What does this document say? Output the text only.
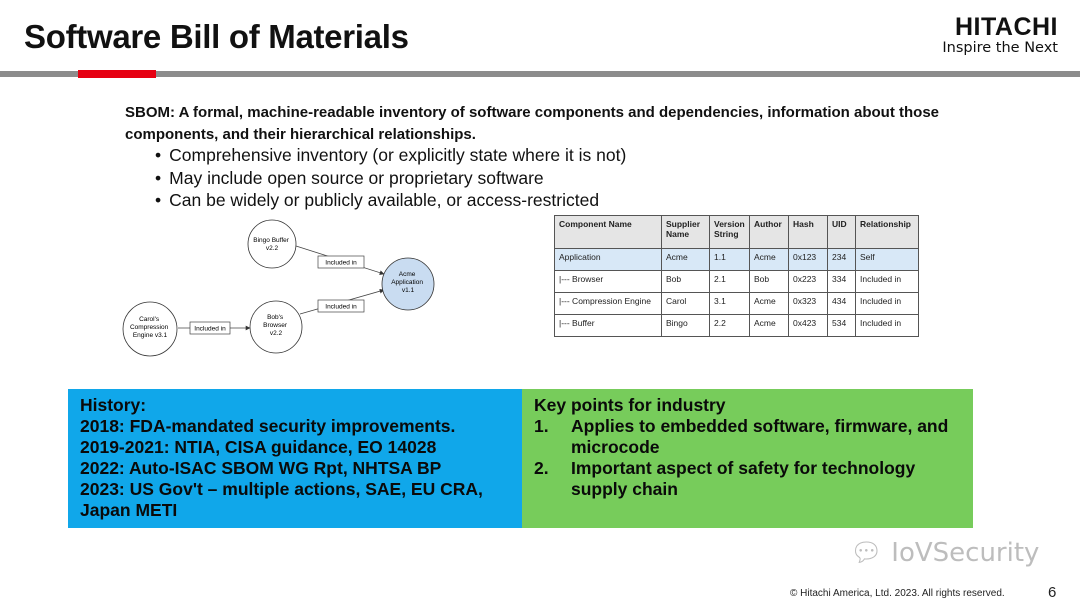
Software Bill of Materials	HITACHI
Inspire the Next
SBOM: A formal, machine-readable inventory of software components and dependencies, information about those components, and their hierarchical relationships.
• Comprehensive inventory (or explicitly state where it is not)
• May include open source or proprietary software
• Can be widely or publicly available, or access-restricted
Included in
Included in
Included in
Bingo Buffer v2.2
Acme Application v1.1
Carol's Compression Engine v3.1
Bob's Browser v2.2
Component Name	Supplier Name	Version String	Author	Hash	UID	Relationship
Application	Acme	1.1	Acme	0x123	234	Self
|--- Browser	Bob	2.1	Bob	0x223	334	Included in
|--- Compression Engine	Carol	3.1	Acme	0x323	434	Included in
|--- Buffer	Bingo	2.2	Acme	0x423	534	Included in
History:
2018: FDA-mandated security improvements.
2019-2021: NTIA, CISA guidance, EO 14028
2022: Auto-ISAC SBOM WG Rpt, NHTSA BP
2023: US Gov't – multiple actions, SAE, EU CRA, Japan METI
Key points for industry
1. Applies to embedded software, firmware, and microcode
2. Important aspect of safety for technology supply chain
💬︎ IoVSecurity
© Hitachi America, Ltd. 2023. All rights reserved.	6
